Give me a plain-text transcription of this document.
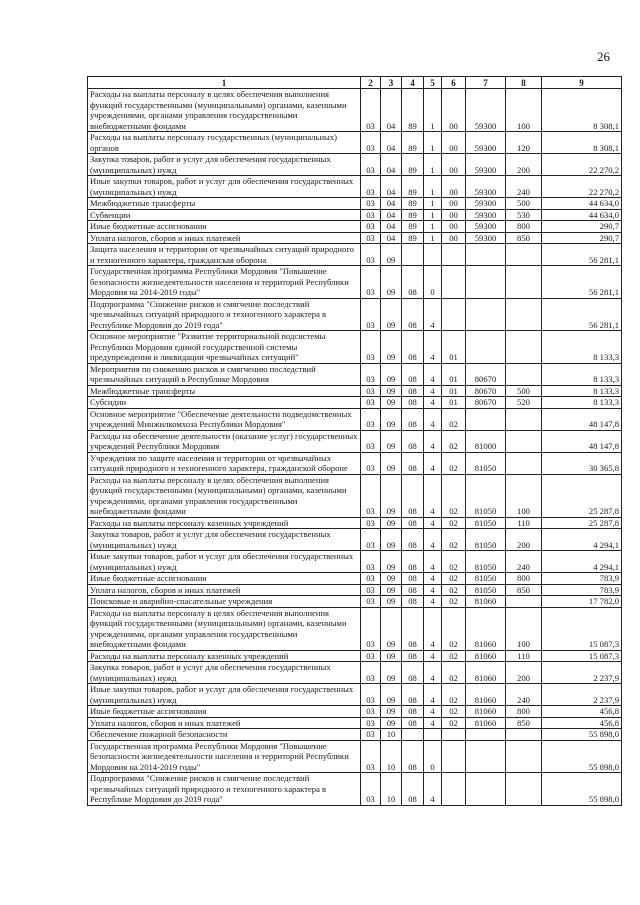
26
1	2	3	4	5	6	7	8	9
Расходы на выплаты персоналу в целях обеспечения выполнения функций государственными (муниципальными) органами, казенными учреждениями, органами управления государственными внебюджетными фондами	03	04	89	1	00	59300	100	8 308,1
Расходы на выплаты персоналу государственных (муниципальных) органов	03	04	89	1	00	59300	120	8 308,1
Закупка товаров, работ и услуг для обеспечения государственных (муниципальных) нужд	03	04	89	1	00	59300	200	22 270,2
Иные закупки товаров, работ и услуг для обеспечения государственных (муниципальных) нужд	03	04	89	1	00	59300	240	22 270,2
Межбюджетные трансферты	03	04	89	1	00	59300	500	44 634,0
Субвенции	03	04	89	1	00	59300	530	44 634,0
Иные бюджетные ассигнования	03	04	89	1	00	59300	800	290,7
Уплата налогов, сборов и иных платежей	03	04	89	1	00	59300	850	290,7
Защита населения и территории от чрезвычайных ситуаций природного и техногенного характера, гражданская оборона	03	09						56 281,1
Государственная программа Республики Мордовия "Повышение безопасности жизнедеятельности населения и территорий Республики Мордовия на 2014-2019 годы"	03	09	08	0				56 281,1
Подпрограмма "Снижение рисков и смягчение последствий чрезвычайных ситуаций природного и техногенного характера в Республике Мордовия до 2019 года"	03	09	08	4				56 281,1
Основное мероприятие "Развитие территориальной подсистемы Республики Мордовия единой государственной системы предупреждения и ликвидации чрезвычайных ситуаций"	03	09	08	4	01			8 133,3
Мероприятия по снижению рисков и смягчению последствий чрезвычайных ситуаций в Республике Мордовия	03	09	08	4	01	80670		8 133,3
Межбюджетные трансферты	03	09	08	4	01	80670	500	8 133,3
Субсидии	03	09	08	4	01	80670	520	8 133,3
Основное мероприятие "Обеспечение деятельности подведомственных учреждений Минжилкомхоза Республики Мордовия"	03	09	08	4	02			48 147,8
Расходы на обеспечение деятельности (оказание услуг) государственных учреждений Республики Мордовия	03	09	08	4	02	81000		48 147,8
Учреждения по защите населения и территории от чрезвычайных ситуаций природного и техногенного характера, гражданской обороне	03	09	08	4	02	81050		30 365,8
Расходы на выплаты персоналу в целях обеспечения выполнения функций государственными (муниципальными) органами, казенными учреждениями, органами управления государственными внебюджетными фондами	03	09	08	4	02	81050	100	25 287,8
Расходы на выплаты персоналу казенных учреждений	03	09	08	4	02	81050	110	25 287,8
Закупка товаров, работ и услуг для обеспечения государственных (муниципальных) нужд	03	09	08	4	02	81050	200	4 294,1
Иные закупки товаров, работ и услуг для обеспечения государственных (муниципальных) нужд	03	09	08	4	02	81050	240	4 294,1
Иные бюджетные ассигнования	03	09	08	4	02	81050	800	783,9
Уплата налогов, сборов и иных платежей	03	09	08	4	02	81050	850	783,9
Поисковые и аварийно-спасательные учреждения	03	09	08	4	02	81060		17 782,0
Расходы на выплаты персоналу в целях обеспечения выполнения функций государственными (муниципальными) органами, казенными учреждениями, органами управления государственными внебюджетными фондами	03	09	08	4	02	81060	100	15 087,3
Расходы на выплаты персоналу казенных учреждений	03	09	08	4	02	81060	110	15 087,3
Закупка товаров, работ и услуг для обеспечения государственных (муниципальных) нужд	03	09	08	4	02	81060	200	2 237,9
Иные закупки товаров, работ и услуг для обеспечения государственных (муниципальных) нужд	03	09	08	4	02	81060	240	2 237,9
Иные бюджетные ассигнования	03	09	08	4	02	81060	800	456,8
Уплата налогов, сборов и иных платежей	03	09	08	4	02	81060	850	456,8
Обеспечение пожарной безопасности	03	10						55 898,0
Государственная программа Республики Мордовия "Повышение безопасности жизнедеятельности населения и территорий Республики Мордовия на 2014-2019 годы"	03	10	08	0				55 898,0
Подпрограмма "Снижение рисков и смягчение последствий чрезвычайных ситуаций природного и техногенного характера в Республике Мордовия до 2019 года"	03	10	08	4				55 898,0
